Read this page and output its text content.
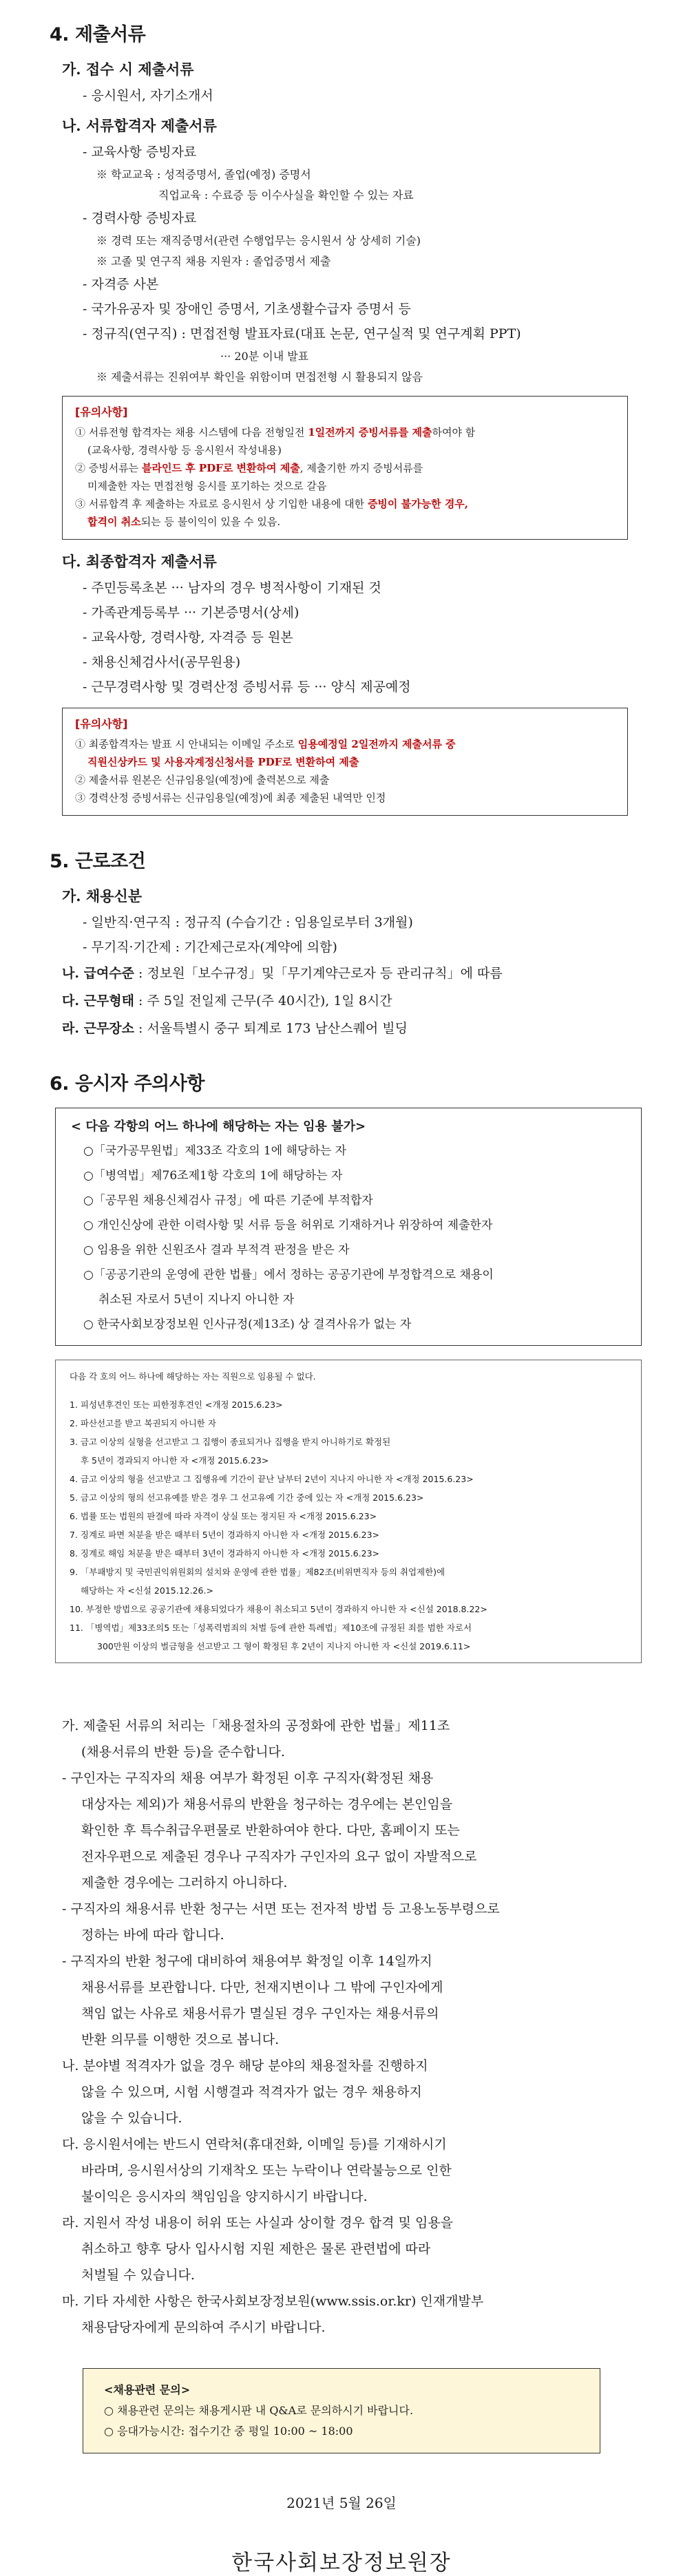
4. 제출서류
가. 접수 시 제출서류
- 응시원서, 자기소개서
나. 서류합격자 제출서류
- 교육사항 증빙자료
※ 학교교육 : 성적증명서, 졸업(예정) 증명서
직업교육 : 수료증 등 이수사실을 확인할 수 있는 자료
- 경력사항 증빙자료
※ 경력 또는 재직증명서(관련 수행업무는 응시원서 상 상세히 기술)
※ 고졸 및 연구직 채용 지원자 : 졸업증명서 제출
- 자격증 사본
- 국가유공자 및 장애인 증명서, 기초생활수급자 증명서 등
- 정규직(연구직) : 면접전형 발표자료(대표 논문, 연구실적 및 연구계획 PPT)
··· 20분 이내 발표
※ 제출서류는 진위여부 확인을 위함이며 면접전형 시 활용되지 않음
[유의사항]
① 서류전형 합격자는 채용 시스템에 다음 전형일전 1일전까지 증빙서류를 제출하여야 함
(교육사항, 경력사항 등 응시원서 작성내용)
② 증빙서류는 블라인드 후 PDF로 변환하여 제출, 제출기한 까지 증빙서류를
미제출한 자는 면접전형 응시를 포기하는 것으로 갈음
③ 서류합격 후 제출하는 자료로 응시원서 상 기입한 내용에 대한 증빙이 불가능한 경우,
합격이 취소되는 등 불이익이 있을 수 있음.
다. 최종합격자 제출서류
- 주민등록초본 ··· 남자의 경우 병적사항이 기재된 것
- 가족관계등록부 ··· 기본증명서(상세)
- 교육사항, 경력사항, 자격증 등 원본
- 채용신체검사서(공무원용)
- 근무경력사항 및 경력산정 증빙서류 등 ··· 양식 제공예정
[유의사항]
① 최종합격자는 발표 시 안내되는 이메일 주소로 임용예정일 2일전까지 제출서류 중
직원신상카드 및 사용자계정신청서를 PDF로 변환하여 제출
② 제출서류 원본은 신규임용일(예정)에 출력본으로 제출
③ 경력산정 증빙서류는 신규임용일(예정)에 최종 제출된 내역만 인정
5. 근로조건
가. 채용신분
- 일반직·연구직 : 정규직 (수습기간 : 임용일로부터 3개월)
- 무기직·기간제 : 기간제근로자(계약에 의함)
나. 급여수준 : 정보원「보수규정」및「무기계약근로자 등 관리규칙」에 따름
다. 근무형태 : 주 5일 전일제 근무(주 40시간), 1일 8시간
라. 근무장소 : 서울특별시 중구 퇴계로 173 남산스퀘어 빌딩
6. 응시자 주의사항
< 다음 각항의 어느 하나에 해당하는 자는 임용 불가>
○「국가공무원법」제33조 각호의 1에 해당하는 자
○「병역법」제76조제1항 각호의 1에 해당하는 자
○「공무원 채용신체검사 규정」에 따른 기준에 부적합자
○ 개인신상에 관한 이력사항 및 서류 등을 허위로 기재하거나 위장하여 제출한자
○ 임용을 위한 신원조사 결과 부적격 판정을 받은 자
○「공공기관의 운영에 관한 법률」에서 정하는 공공기관에 부정합격으로 채용이
취소된 자로서 5년이 지나지 아니한 자
○ 한국사회보장정보원 인사규정(제13조) 상 결격사유가 없는 자
다음 각 호의 어느 하나에 해당하는 자는 직원으로 임용될 수 없다.
1. 피성년후견인 또는 피한정후견인 <개정 2015.6.23>
2. 파산선고를 받고 복권되지 아니한 자
3. 금고 이상의 실형을 선고받고 그 집행이 종료되거나 집행을 받지 아니하기로 확정된
후 5년이 경과되지 아니한 자 <개정 2015.6.23>
4. 금고 이상의 형을 선고받고 그 집행유예 기간이 끝난 날부터 2년이 지나지 아니한 자 <개정 2015.6.23>
5. 금고 이상의 형의 선고유예를 받은 경우 그 선고유예 기간 중에 있는 자 <개정 2015.6.23>
6. 법률 또는 법원의 판결에 따라 자격이 상실 또는 정지된 자 <개정 2015.6.23>
7. 징계로 파면 처분을 받은 때부터 5년이 경과하지 아니한 자 <개정 2015.6.23>
8. 징계로 해임 처분을 받은 때부터 3년이 경과하지 아니한 자 <개정 2015.6.23>
9. 「부패방지 및 국민권익위원회의 설치와 운영에 관한 법률」제82조(비위면직자 등의 취업제한)에
해당하는 자 <신설 2015.12.26.>
10. 부정한 방법으로 공공기관에 채용되었다가 채용이 취소되고 5년이 경과하지 아니한 자 <신설 2018.8.22>
11. 「병역법」제33조의5 또는「성폭력범죄의 처벌 등에 관한 특례법」제10조에 규정된 죄를 범한 자로서
300만원 이상의 벌금형을 선고받고 그 형이 확정된 후 2년이 지나지 아니한 자 <신설 2019.6.11>
가. 제출된 서류의 처리는「채용절차의 공정화에 관한 법률」제11조
(채용서류의 반환 등)을 준수합니다.
- 구인자는 구직자의 채용 여부가 확정된 이후 구직자(확정된 채용
대상자는 제외)가 채용서류의 반환을 청구하는 경우에는 본인임을
확인한 후 특수취급우편물로 반환하여야 한다. 다만, 홈페이지 또는
전자우편으로 제출된 경우나 구직자가 구인자의 요구 없이 자발적으로
제출한 경우에는 그러하지 아니하다.
- 구직자의 채용서류 반환 청구는 서면 또는 전자적 방법 등 고용노동부령으로
정하는 바에 따라 합니다.
- 구직자의 반환 청구에 대비하여 채용여부 확정일 이후 14일까지
채용서류를 보관합니다. 다만, 천재지변이나 그 밖에 구인자에게
책임 없는 사유로 채용서류가 멸실된 경우 구인자는 채용서류의
반환 의무를 이행한 것으로 봅니다.
나. 분야별 적격자가 없을 경우 해당 분야의 채용절차를 진행하지
않을 수 있으며, 시험 시행결과 적격자가 없는 경우 채용하지
않을 수 있습니다.
다. 응시원서에는 반드시 연락처(휴대전화, 이메일 등)를 기재하시기
바라며, 응시원서상의 기재착오 또는 누락이나 연락불능으로 인한
불이익은 응시자의 책임임을 양지하시기 바랍니다.
라. 지원서 작성 내용이 허위 또는 사실과 상이할 경우 합격 및 임용을
취소하고 향후 당사 입사시험 지원 제한은 물론 관련법에 따라
처벌될 수 있습니다.
마. 기타 자세한 사항은 한국사회보장정보원(www.ssis.or.kr) 인재개발부
채용담당자에게 문의하여 주시기 바랍니다.
<채용관련 문의>
○ 채용관련 문의는 채용게시판 내 Q&A로 문의하시기 바랍니다.
○ 응대가능시간: 접수기간 중 평일 10:00 ~ 18:00
2021년 5월 26일
한국사회보장정보원장
